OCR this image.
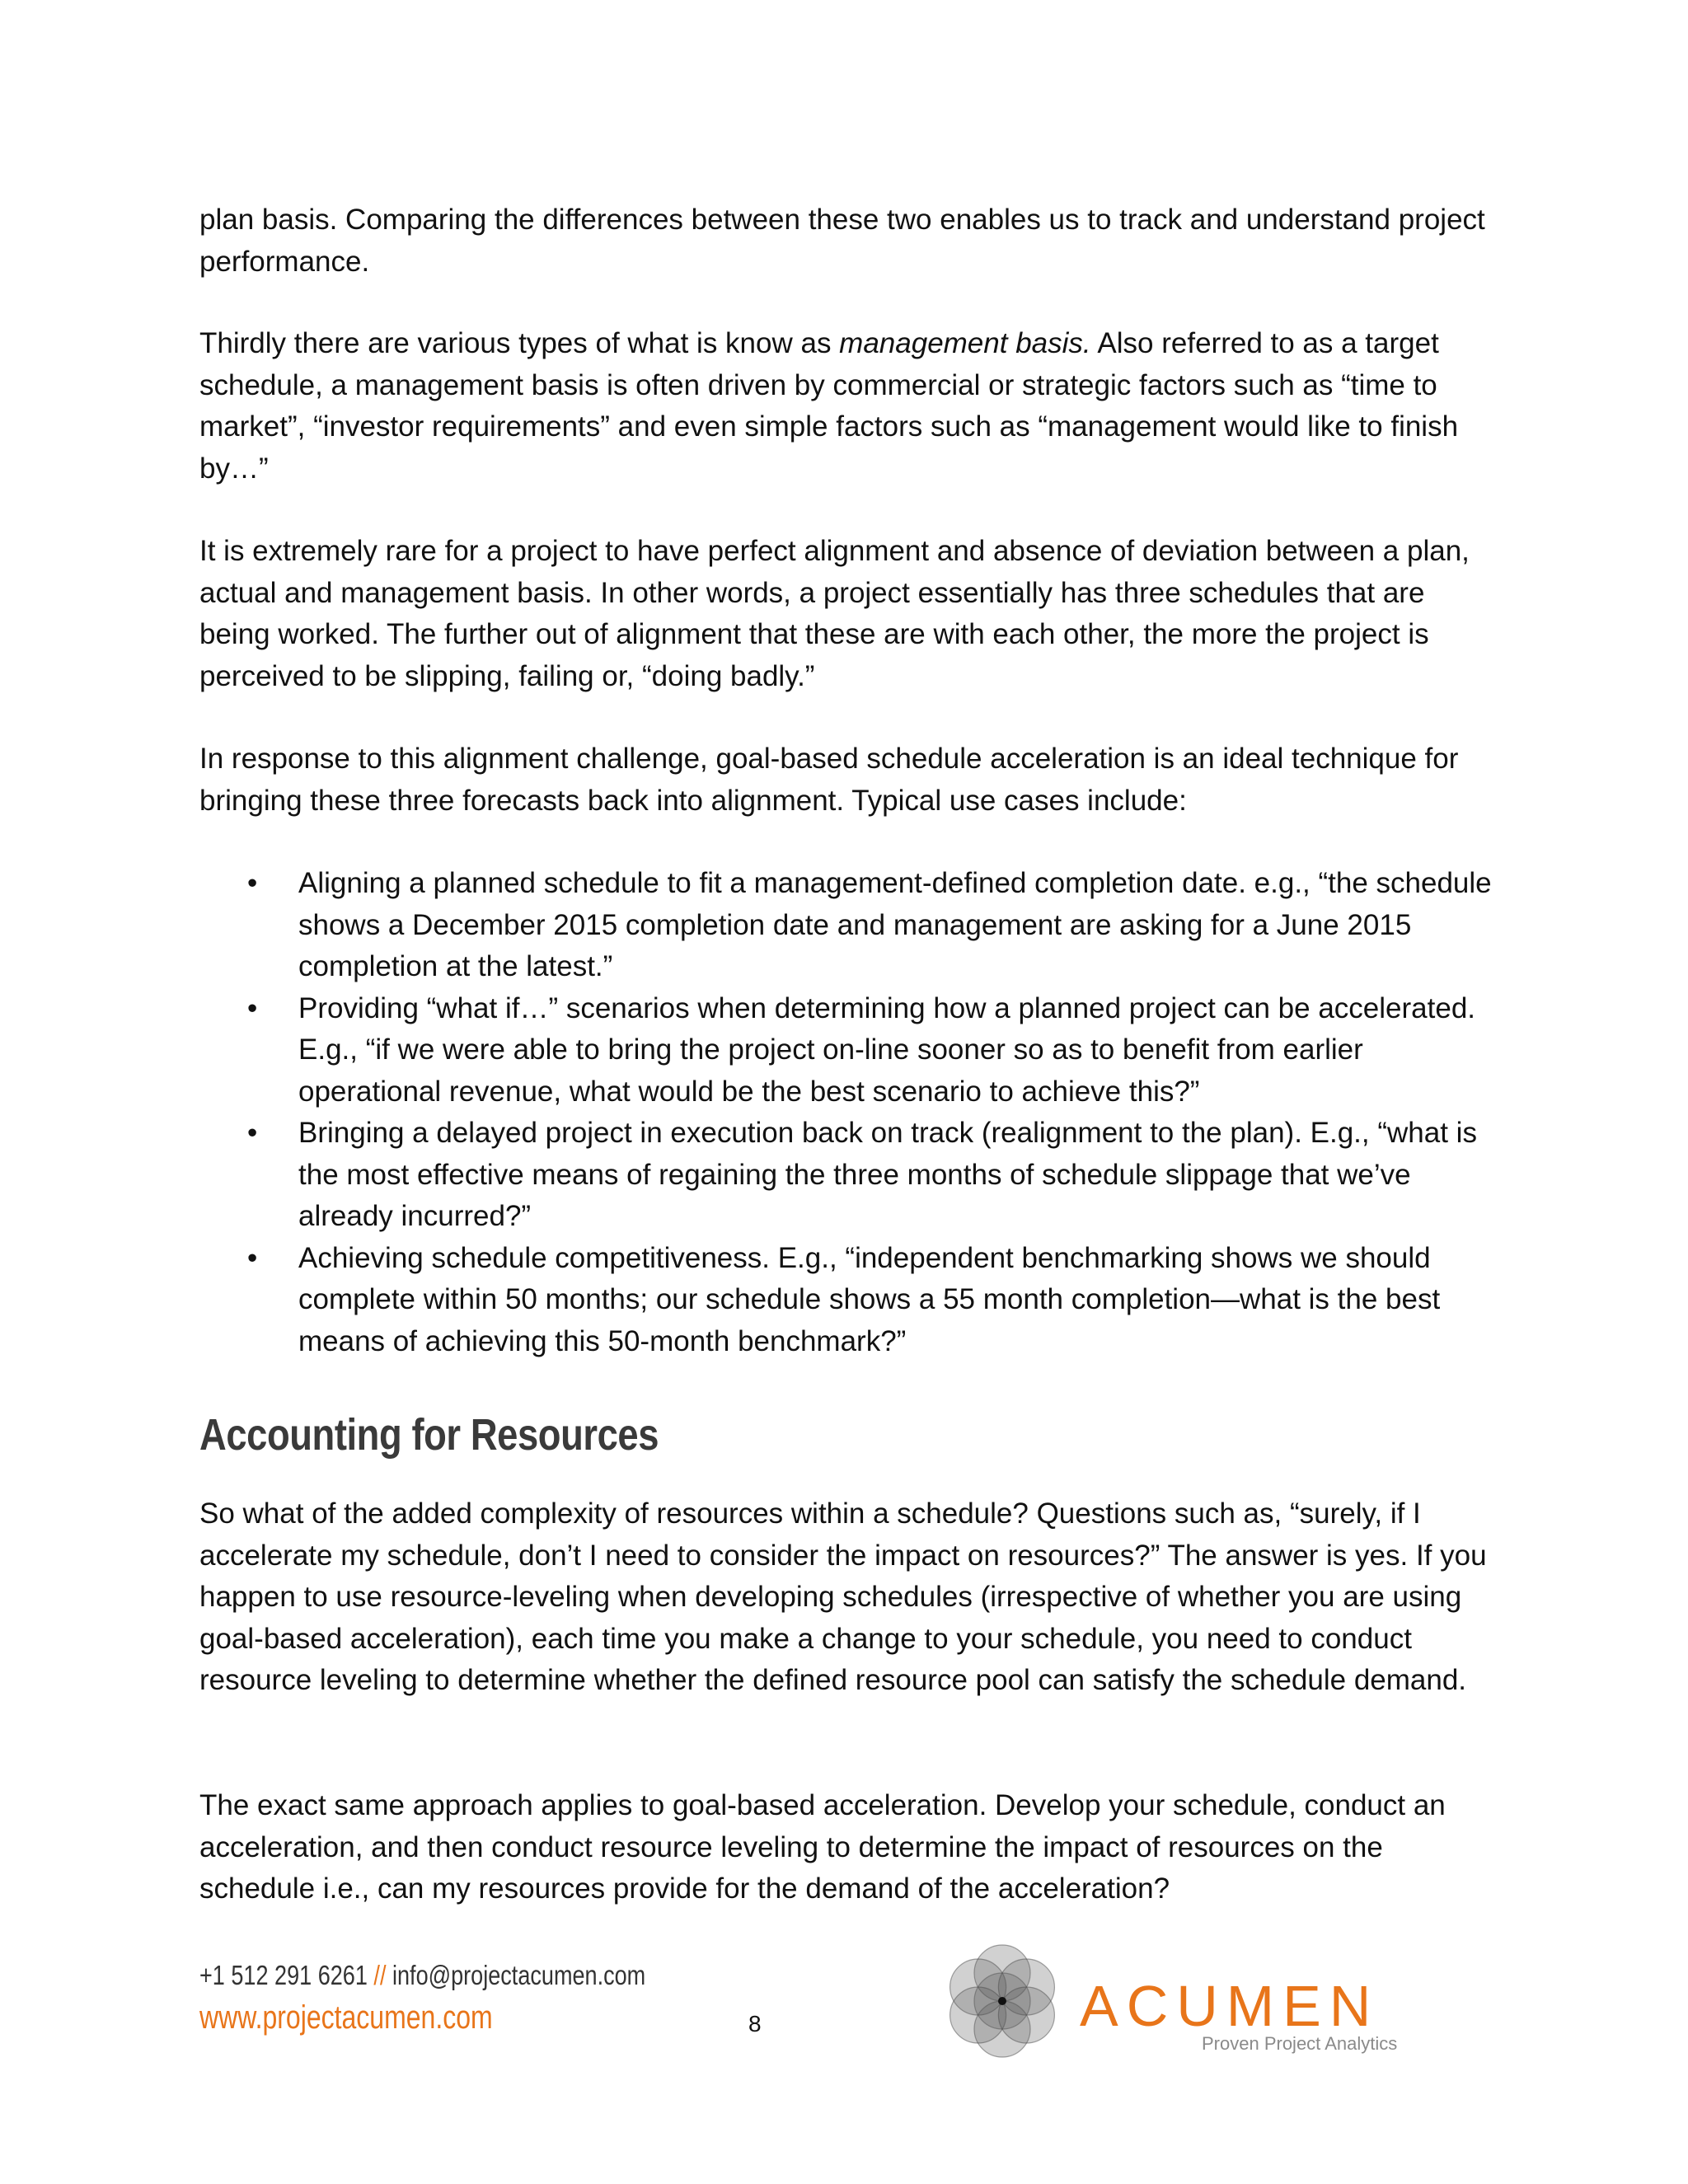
plan basis. Comparing the differences between these two enables us to track and understand project performance.

Thirdly there are various types of what is know as management basis. Also referred to as a target schedule, a management basis is often driven by commercial or strategic factors such as “time to market”, “investor requirements” and even simple factors such as “management would like to finish by…”

It is extremely rare for a project to have perfect alignment and absence of deviation between a plan, actual and management basis. In other words, a project essentially has three schedules that are being worked. The further out of alignment that these are with each other, the more the project is perceived to be slipping, failing or, “doing badly.”

In response to this alignment challenge, goal-based schedule acceleration is an ideal technique for bringing these three forecasts back into alignment. Typical use cases include:

• Aligning a planned schedule to fit a management-defined completion date. e.g., “the schedule shows a December 2015 completion date and management are asking for a June 2015 completion at the latest.”
• Providing “what if…” scenarios when determining how a planned project can be accelerated. E.g., “if we were able to bring the project on-line sooner so as to benefit from earlier operational revenue, what would be the best scenario to achieve this?”
• Bringing a delayed project in execution back on track (realignment to the plan). E.g., “what is the most effective means of regaining the three months of schedule slippage that we’ve already incurred?”
• Achieving schedule competitiveness. E.g., “independent benchmarking shows we should complete within 50 months; our schedule shows a 55 month completion—what is the best means of achieving this 50-month benchmark?”
Accounting for Resources

So what of the added complexity of resources within a schedule? Questions such as, “surely, if I accelerate my schedule, don’t I need to consider the impact on resources?” The answer is yes. If you happen to use resource-leveling when developing schedules (irrespective of whether you are using goal-based acceleration), each time you make a change to your schedule, you need to conduct resource leveling to determine whether the defined resource pool can satisfy the schedule demand.

The exact same approach applies to goal-based acceleration. Develop your schedule, conduct an acceleration, and then conduct resource leveling to determine the impact of resources on the schedule i.e., can my resources provide for the demand of the acceleration?

+1 512 291 6261 // info@projectacumen.com
www.projectacumen.com	8	ACUMEN
Proven Project Analytics
